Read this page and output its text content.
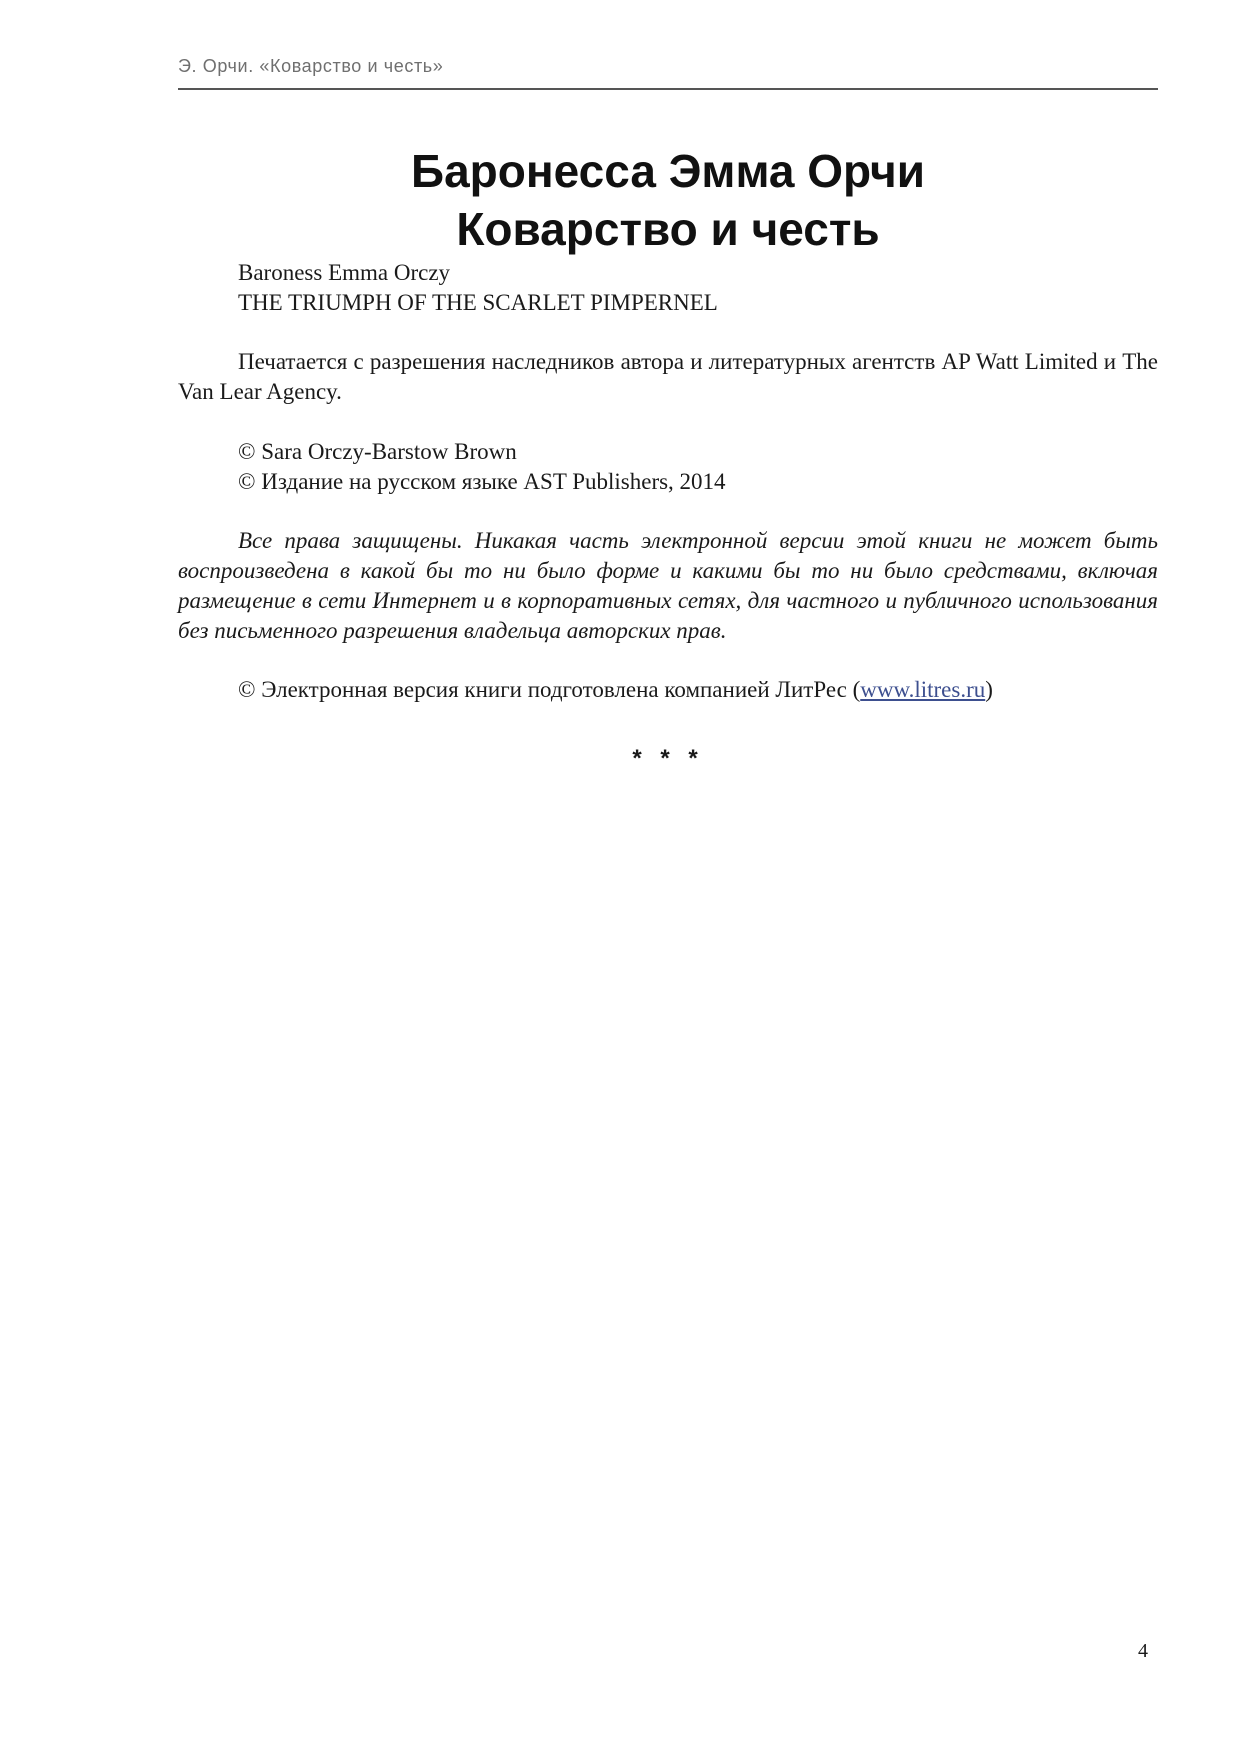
Э. Орчи. «Коварство и честь»
Баронесса Эмма Орчи
Коварство и честь
Baroness Emma Orczy
THE TRIUMPH OF THE SCARLET PIMPERNEL

Печатается с разрешения наследников автора и литературных агентств AP Watt Limited и The Van Lear Agency.

© Sara Orczy-Barstow Brown
© Издание на русском языке AST Publishers, 2014

Все права защищены. Никакая часть электронной версии этой книги не может быть воспроизведена в какой бы то ни было форме и какими бы то ни было средствами, включая размещение в сети Интернет и в корпоративных сетях, для частного и публичного использования без письменного разрешения владельца авторских прав.

© Электронная версия книги подготовлена компанией ЛитРес (www.litres.ru)
* * *
4
